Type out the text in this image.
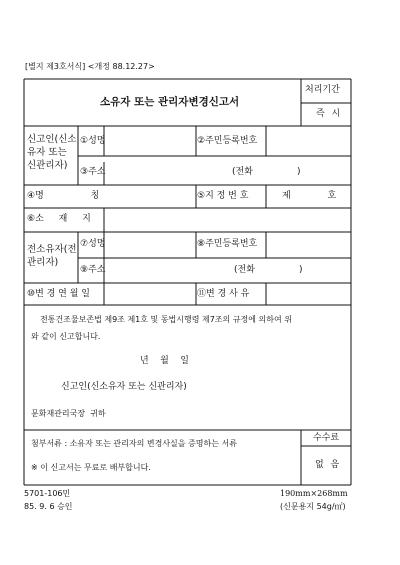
[별지 제3호서식] <개정 88.12.27>
소유자 또는 관리자변경신고서
처리기간
즉 시
신고인(신소유자 또는 신관리자)
①성명	②주민등록번호
③주소	(전화	)
④명 칭	⑤지 정 번 호	제 호
⑥소 재 지
전소유자(전관리자)
⑦성명	⑧주민등록번호
⑨주소	(전화	)
⑩변 경 연 월 일	⑪변 경 사 유
전통건조물보존법 제9조 제1호 및 동법시행령 제7조의 규정에 의하여 위
와 같이 신고합니다.
년    월    일
신고인(신소유자 또는 신관리자)
문화재관리국장  귀하
첨부서류 : 소유자 또는 관리자의 변경사실을 증명하는 서류
※ 이 신고서는 무료로 배부합니다.
수수료
없 음
5701-106민
85. 9. 6 승인
190mm×268mm
(신문용지 54g/㎡)
